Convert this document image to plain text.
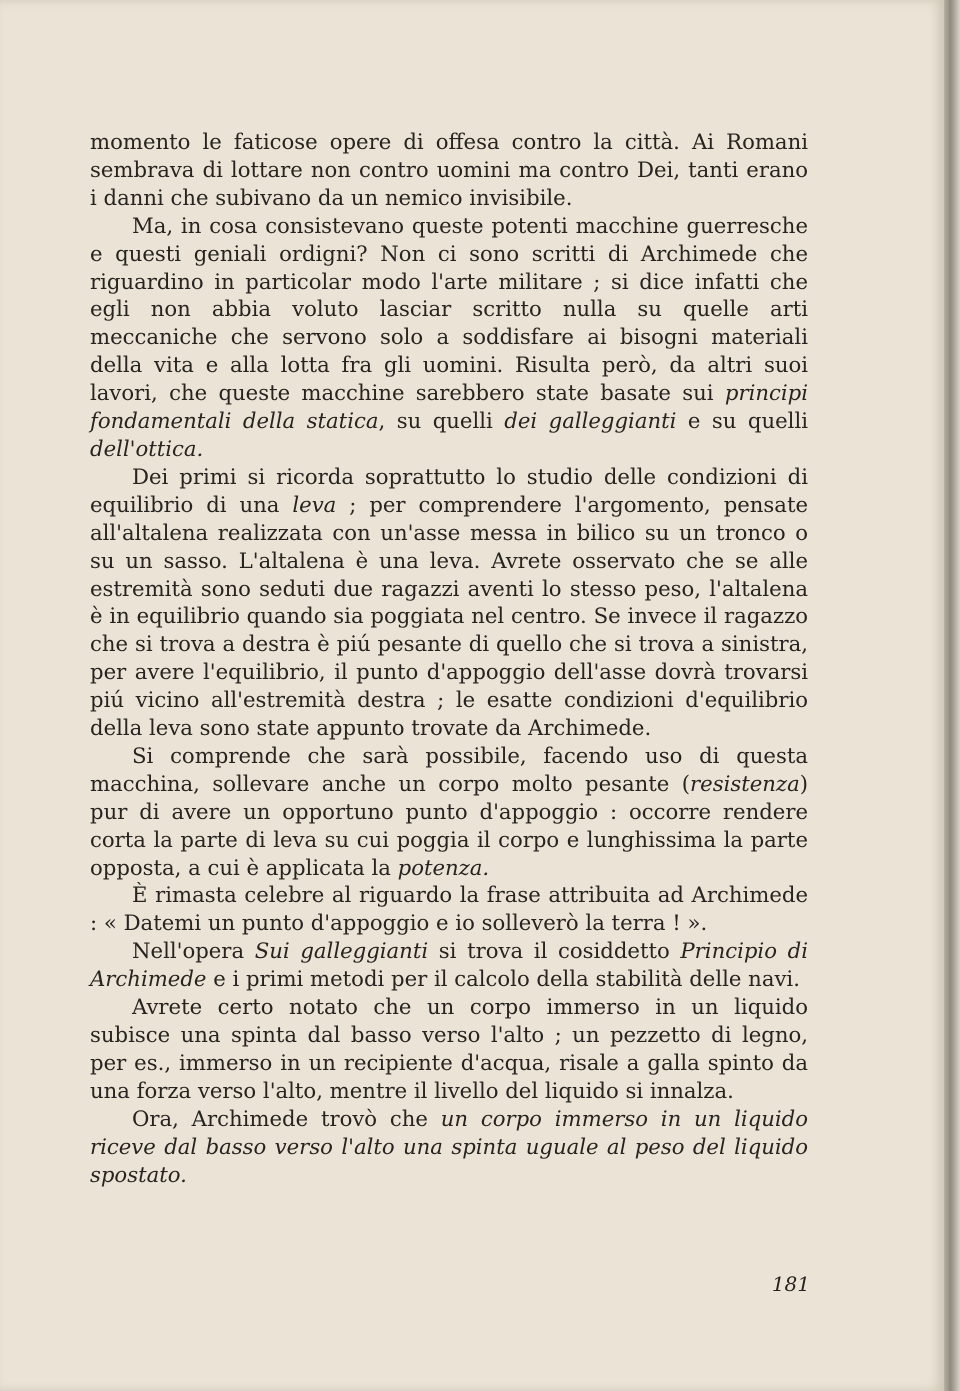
momento le faticose opere di offesa contro la città. Ai Romani sembrava di lottare non contro uomini ma contro Dei, tanti erano i danni che subivano da un nemico invisibile.

Ma, in cosa consistevano queste potenti macchine guerresche e questi geniali ordigni? Non ci sono scritti di Archimede che riguardino in particolar modo l'arte militare ; si dice infatti che egli non abbia voluto lasciar scritto nulla su quelle arti meccaniche che servono solo a soddisfare ai bisogni materiali della vita e alla lotta fra gli uomini. Risulta però, da altri suoi lavori, che queste macchine sarebbero state basate sui principi fondamentali della statica, su quelli dei galleggianti e su quelli dell'ottica.

Dei primi si ricorda soprattutto lo studio delle condizioni di equilibrio di una leva ; per comprendere l'argomento, pensate all'altalena realizzata con un'asse messa in bilico su un tronco o su un sasso. L'altalena è una leva. Avrete osservato che se alle estremità sono seduti due ragazzi aventi lo stesso peso, l'altalena è in equilibrio quando sia poggiata nel centro. Se invece il ragazzo che si trova a destra è piú pesante di quello che si trova a sinistra, per avere l'equilibrio, il punto d'appoggio dell'asse dovrà trovarsi piú vicino all'estremità destra ; le esatte condizioni d'equilibrio della leva sono state appunto trovate da Archimede.

Si comprende che sarà possibile, facendo uso di questa macchina, sollevare anche un corpo molto pesante (resistenza) pur di avere un opportuno punto d'appoggio : occorre rendere corta la parte di leva su cui poggia il corpo e lunghissima la parte opposta, a cui è applicata la potenza.

È rimasta celebre al riguardo la frase attribuita ad Archimede : « Datemi un punto d'appoggio e io solleverò la terra ! ».

Nell'opera Sui galleggianti si trova il cosiddetto Principio di Archimede e i primi metodi per il calcolo della stabilità delle navi.

Avrete certo notato che un corpo immerso in un liquido subisce una spinta dal basso verso l'alto ; un pezzetto di legno, per es., immerso in un recipiente d'acqua, risale a galla spinto da una forza verso l'alto, mentre il livello del liquido si innalza.

Ora, Archimede trovò che un corpo immerso in un liquido riceve dal basso verso l'alto una spinta uguale al peso del liquido spostato.

181
